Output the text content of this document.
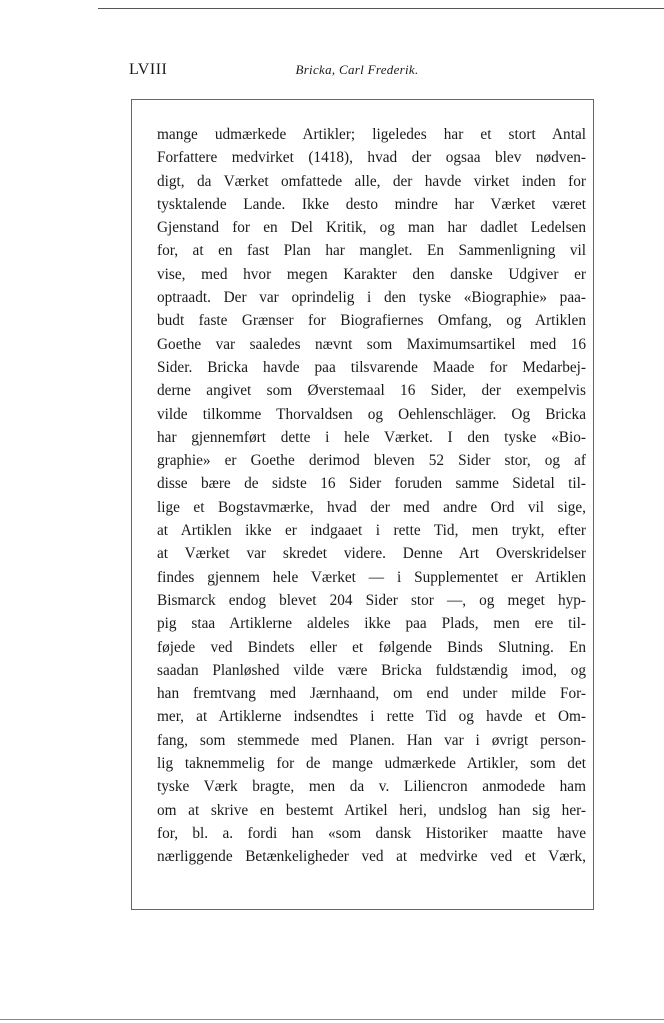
LVIII	Bricka, Carl Frederik.
mange udmærkede Artikler; ligeledes har et stort Antal
Forfattere medvirket (1418), hvad der ogsaa blev nødven-
digt, da Værket omfattede alle, der havde virket inden for
tysktalende Lande. Ikke desto mindre har Værket været
Gjenstand for en Del Kritik, og man har dadlet Ledelsen
for, at en fast Plan har manglet. En Sammenligning vil
vise, med hvor megen Karakter den danske Udgiver er
optraadt. Der var oprindelig i den tyske «Biographie» paa-
budt faste Grænser for Biografiernes Omfang, og Artiklen
Goethe var saaledes nævnt som Maximumsartikel med 16
Sider. Bricka havde paa tilsvarende Maade for Medarbej-
derne angivet som Øverstemaal 16 Sider, der exempelvis
vilde tilkomme Thorvaldsen og Oehlenschläger. Og Bricka
har gjennemført dette i hele Værket. I den tyske «Bio-
graphie» er Goethe derimod bleven 52 Sider stor, og af
disse bære de sidste 16 Sider foruden samme Sidetal til-
lige et Bogstavmærke, hvad der med andre Ord vil sige,
at Artiklen ikke er indgaaet i rette Tid, men trykt, efter
at Værket var skredet videre. Denne Art Overskridelser
findes gjennem hele Værket — i Supplementet er Artiklen
Bismarck endog blevet 204 Sider stor —, og meget hyp-
pig staa Artiklerne aldeles ikke paa Plads, men ere til-
føjede ved Bindets eller et følgende Binds Slutning. En
saadan Planløshed vilde være Bricka fuldstændig imod, og
han fremtvang med Jærnhaand, om end under milde For-
mer, at Artiklerne indsendtes i rette Tid og havde et Om-
fang, som stemmede med Planen. Han var i øvrigt person-
lig taknemmelig for de mange udmærkede Artikler, som det
tyske Værk bragte, men da v. Liliencron anmodede ham
om at skrive en bestemt Artikel heri, undslog han sig her-
for, bl. a. fordi han «som dansk Historiker maatte have
nærliggende Betænkeligheder ved at medvirke ved et Værk,
